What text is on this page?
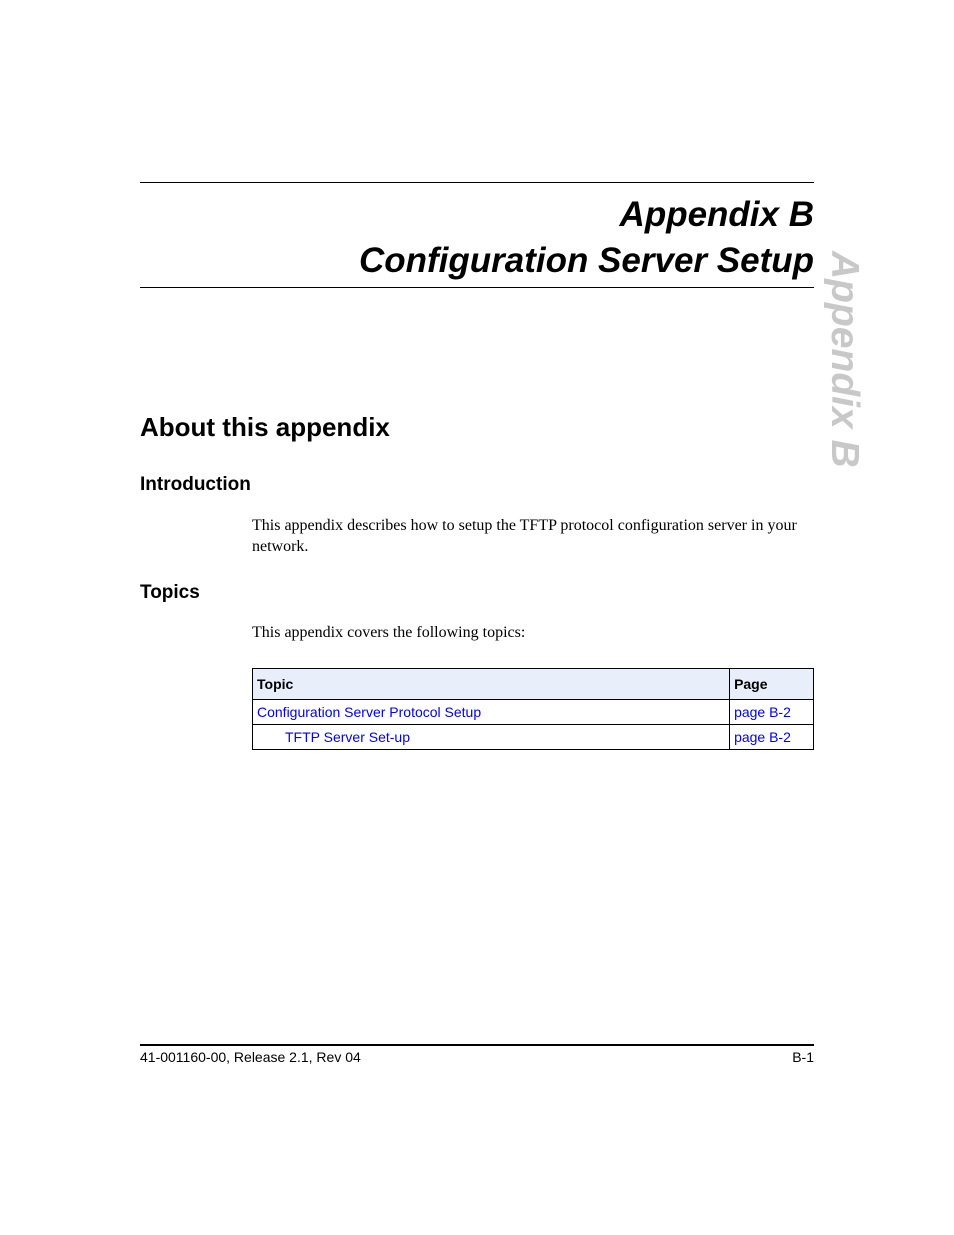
Appendix B
Configuration Server Setup Appendix B
About this appendix
Introduction
This appendix describes how to setup the TFTP protocol configuration server in your network.
Topics
This appendix covers the following topics:
Topic	Page
Configuration Server Protocol Setup	page B-2
TFTP Server Set-up	page B-2
41-001160-00, Release 2.1, Rev 04	B-1
